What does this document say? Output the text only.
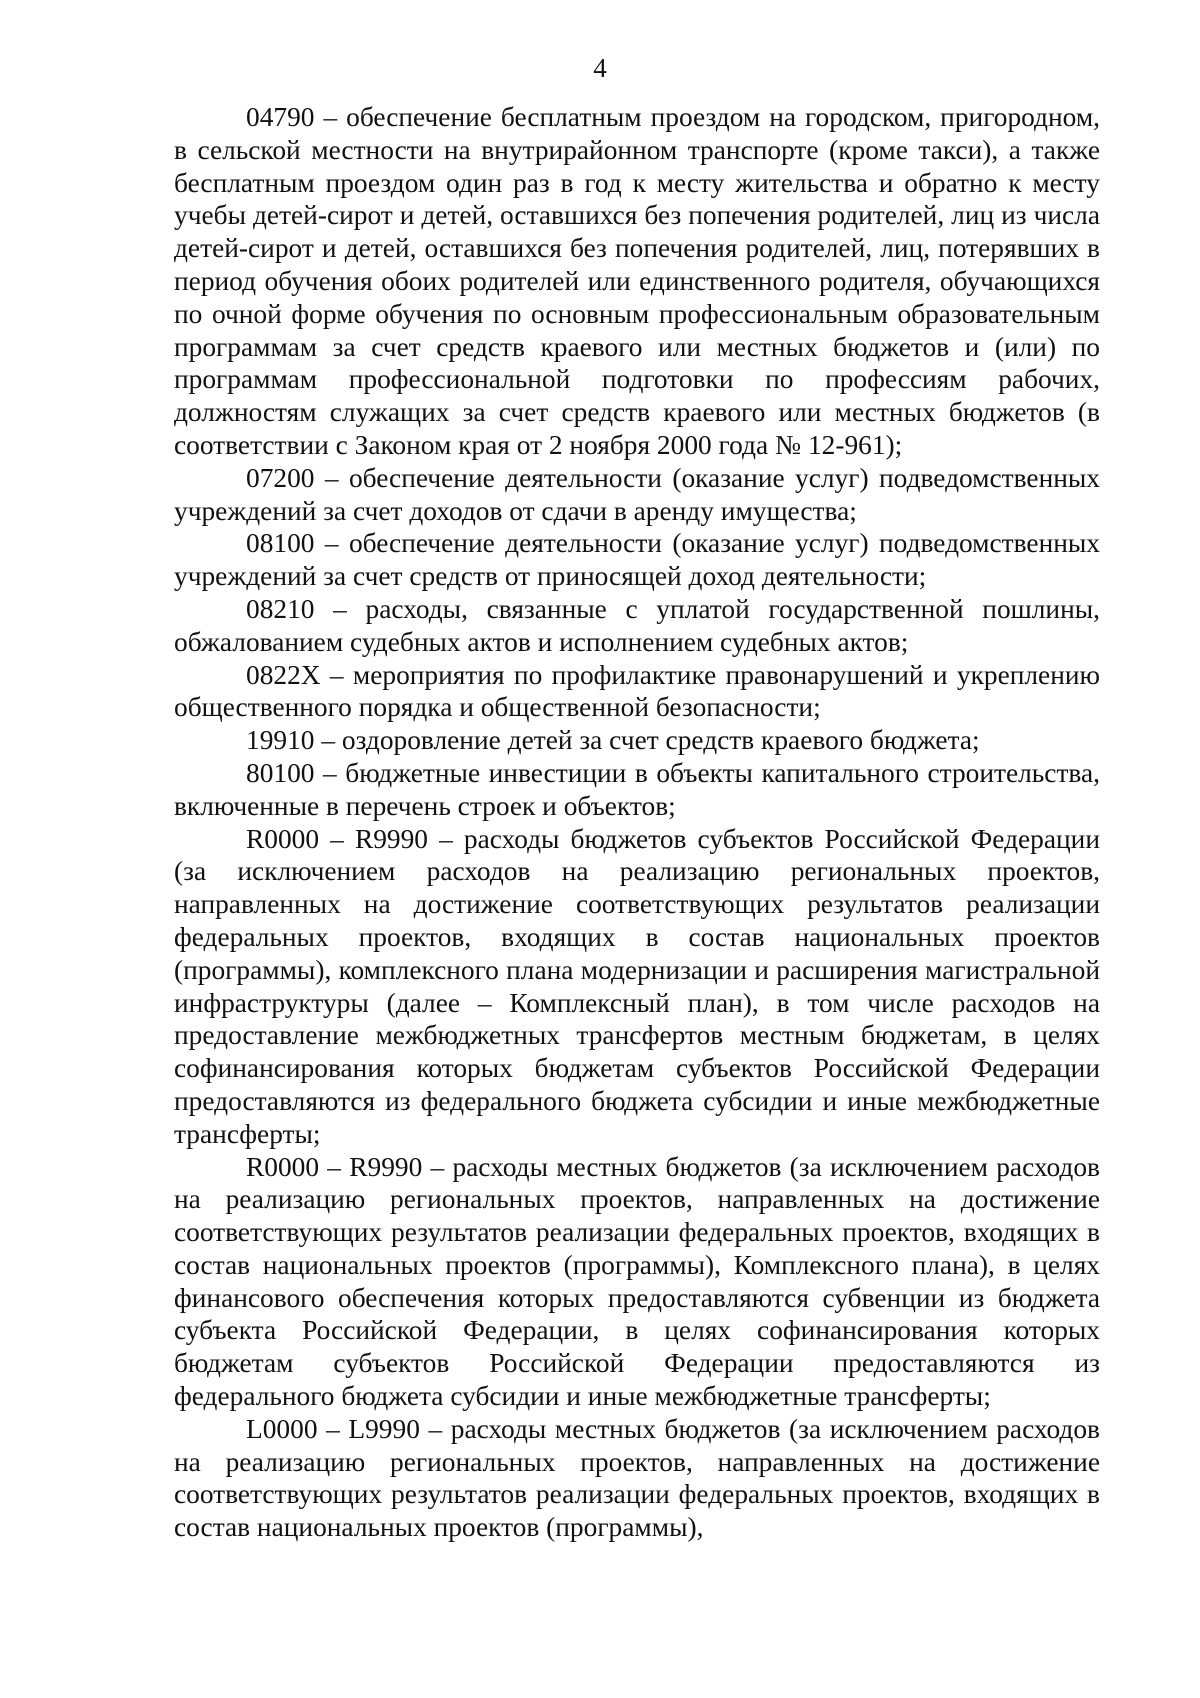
4

04790 – обеспечение бесплатным проездом на городском, пригородном, в сельской местности на внутрирайонном транспорте (кроме такси), а также бесплатным проездом один раз в год к месту жительства и обратно к месту учебы детей-сирот и детей, оставшихся без попечения родителей, лиц из числа детей-сирот и детей, оставшихся без попечения родителей, лиц, потерявших в период обучения обоих родителей или единственного родителя, обучающихся по очной форме обучения по основным профессиональным образовательным программам за счет средств краевого или местных бюджетов и (или) по программам профессиональной подготовки по профессиям рабочих, должностям служащих за счет средств краевого или местных бюджетов (в соответствии с Законом края от 2 ноября 2000 года № 12-961);

07200 – обеспечение деятельности (оказание услуг) подведомственных учреждений за счет доходов от сдачи в аренду имущества;

08100 – обеспечение деятельности (оказание услуг) подведомственных учреждений за счет средств от приносящей доход деятельности;

08210 – расходы, связанные с уплатой государственной пошлины, обжалованием судебных актов и исполнением судебных актов;

0822X – мероприятия по профилактике правонарушений и укреплению общественного порядка и общественной безопасности;

19910 – оздоровление детей за счет средств краевого бюджета;

80100 – бюджетные инвестиции в объекты капитального строительства, включенные в перечень строек и объектов;

R0000 – R9990 – расходы бюджетов субъектов Российской Федерации (за исключением расходов на реализацию региональных проектов, направленных на достижение соответствующих результатов реализации федеральных проектов, входящих в состав национальных проектов (программы), комплексного плана модернизации и расширения магистральной инфраструктуры (далее – Комплексный план), в том числе расходов на предоставление межбюджетных трансфертов местным бюджетам, в целях софинансирования которых бюджетам субъектов Российской Федерации предоставляются из федерального бюджета субсидии и иные межбюджетные трансферты;

R0000 – R9990 – расходы местных бюджетов (за исключением расходов на реализацию региональных проектов, направленных на достижение соответствующих результатов реализации федеральных проектов, входящих в состав национальных проектов (программы), Комплексного плана), в целях финансового обеспечения которых предоставляются субвенции из бюджета субъекта Российской Федерации, в целях софинансирования которых бюджетам субъектов Российской Федерации предоставляются из федерального бюджета субсидии и иные межбюджетные трансферты;

L0000 – L9990 – расходы местных бюджетов (за исключением расходов на реализацию региональных проектов, направленных на достижение соответствующих результатов реализации федеральных проектов, входящих в состав национальных проектов (программы),
